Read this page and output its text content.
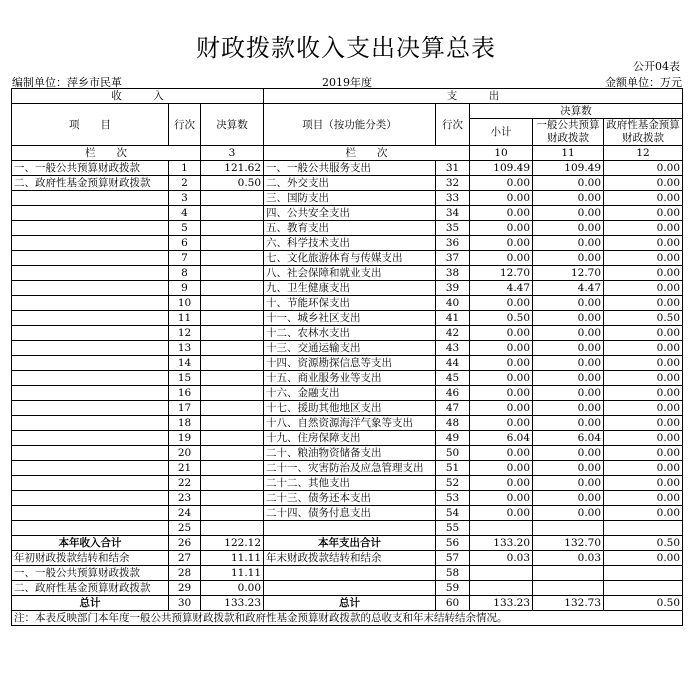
财政拨款收入支出决算总表
公开04表
编制单位：萍乡市民革	2019年度	金额单位：万元
收　　　入			支　　　出				
项　　目	行次	决算数	项目（按功能分类）	行次	决算数		
					小计	一般公共预算财政拨款	政府性基金预算财政拨款
栏　　次		3	栏　　次		10	11	12
一、一般公共预算财政拨款	1	121.62	一、一般公共服务支出	31	109.49	109.49	0.00
二、政府性基金预算财政拨款	2	0.50	二、外交支出	32	0.00	0.00	0.00
	3		三、国防支出	33	0.00	0.00	0.00
	4		四、公共安全支出	34	0.00	0.00	0.00
	5		五、教育支出	35	0.00	0.00	0.00
	6		六、科学技术支出	36	0.00	0.00	0.00
	7		七、文化旅游体育与传媒支出	37	0.00	0.00	0.00
	8		八、社会保障和就业支出	38	12.70	12.70	0.00
	9		九、卫生健康支出	39	4.47	4.47	0.00
	10		十、节能环保支出	40	0.00	0.00	0.00
	11		十一、城乡社区支出	41	0.50	0.00	0.50
	12		十二、农林水支出	42	0.00	0.00	0.00
	13		十三、交通运输支出	43	0.00	0.00	0.00
	14		十四、资源勘探信息等支出	44	0.00	0.00	0.00
	15		十五、商业服务业等支出	45	0.00	0.00	0.00
	16		十六、金融支出	46	0.00	0.00	0.00
	17		十七、援助其他地区支出	47	0.00	0.00	0.00
	18		十八、自然资源海洋气象等支出	48	0.00	0.00	0.00
	19		十九、住房保障支出	49	6.04	6.04	0.00
	20		二十、粮油物资储备支出	50	0.00	0.00	0.00
	21		二十一、灾害防治及应急管理支出	51	0.00	0.00	0.00
	22		二十二、其他支出	52	0.00	0.00	0.00
	23		二十三、债务还本支出	53	0.00	0.00	0.00
	24		二十四、债务付息支出	54	0.00	0.00	0.00
	25			55			
本年收入合计	26	122.12	本年支出合计	56	133.20	132.70	0.50
年初财政拨款结转和结余	27	11.11	年末财政拨款结转和结余	57	0.03	0.03	0.00
一、一般公共预算财政拨款	28	11.11		58			
二、政府性基金预算财政拨款	29	0.00		59			
总计	30	133.23	总计	60	133.23	132.73	0.50
注：本表反映部门本年度一般公共预算财政拨款和政府性基金预算财政拨款的总收支和年末结转结余情况。							
